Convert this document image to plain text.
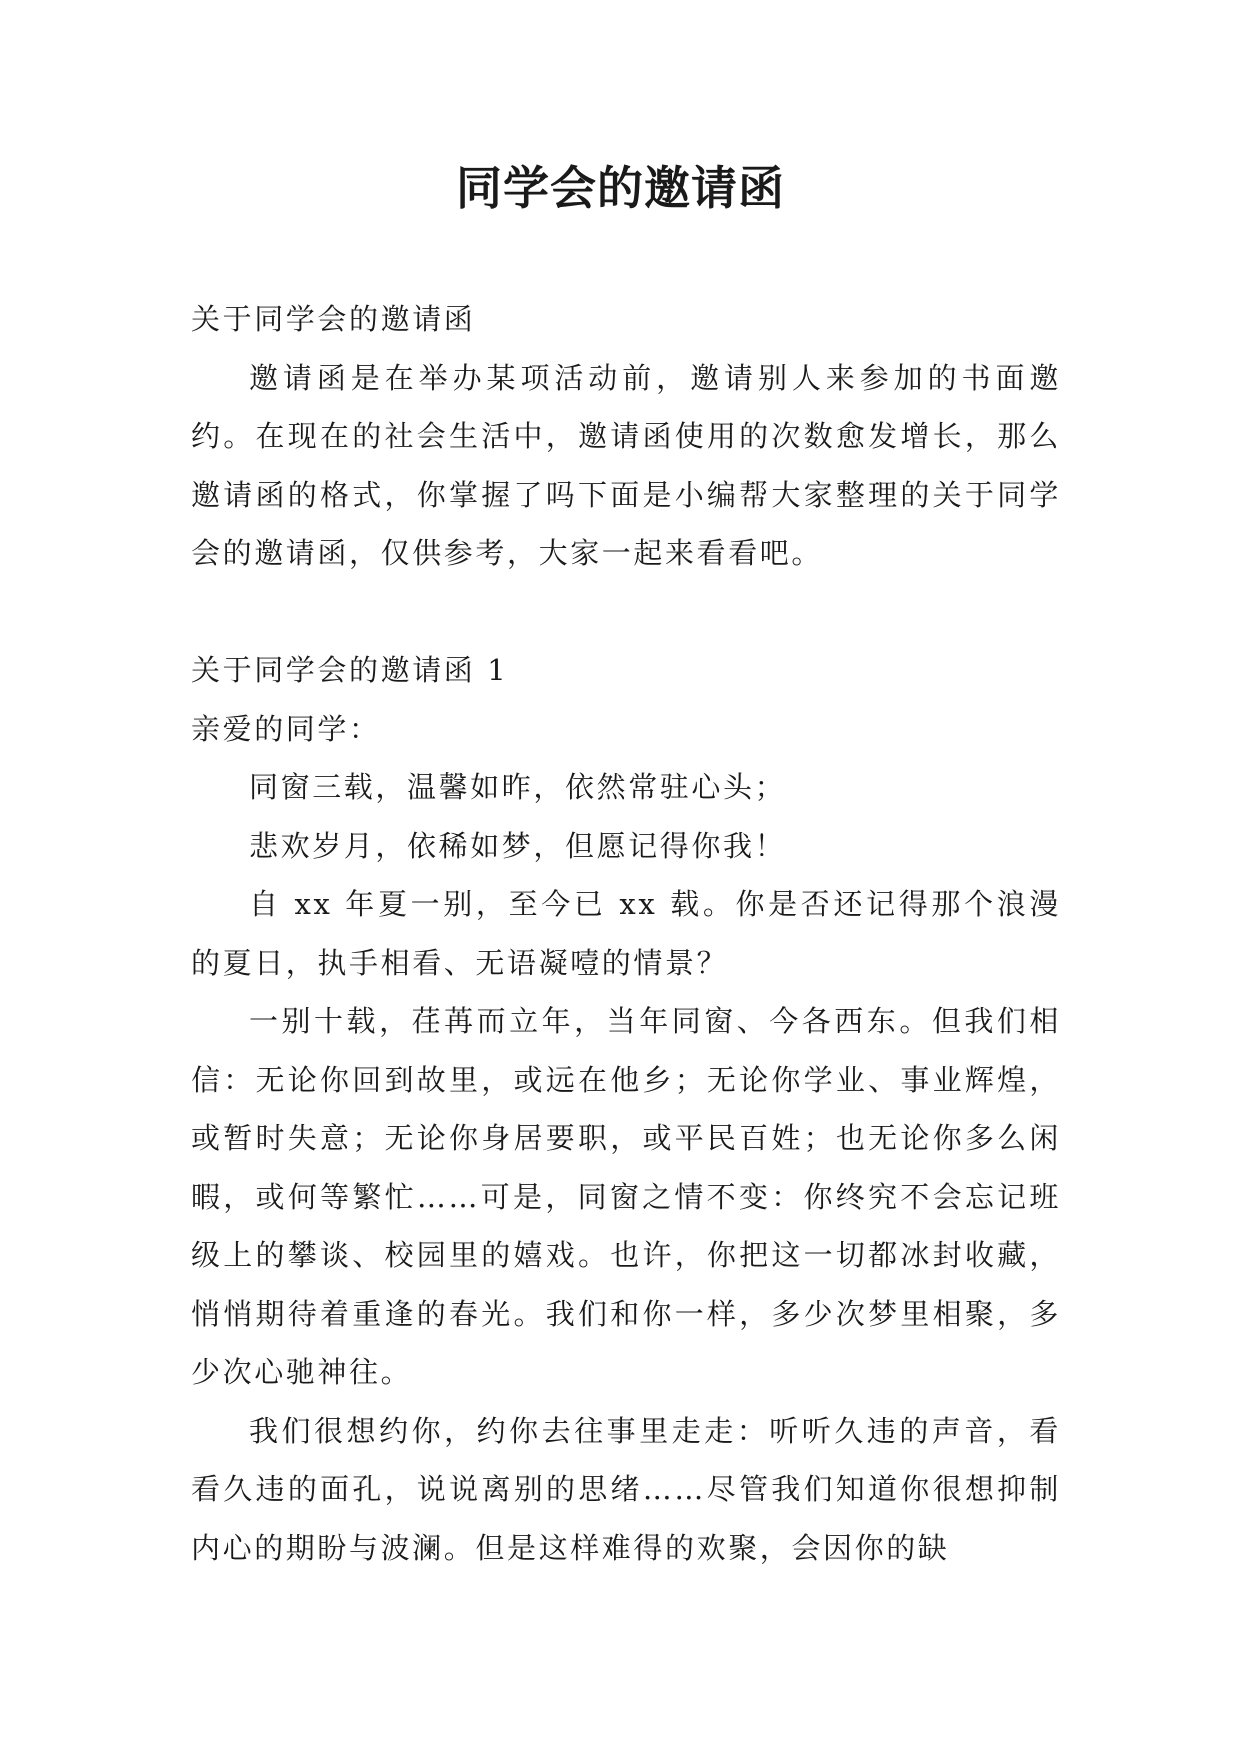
同学会的邀请函

关于同学会的邀请函

邀请函是在举办某项活动前，邀请别人来参加的书面邀约。在现在的社会生活中，邀请函使用的次数愈发增长，那么邀请函的格式，你掌握了吗下面是小编帮大家整理的关于同学会的邀请函，仅供参考，大家一起来看看吧。

关于同学会的邀请函 1

亲爱的同学：

同窗三载，温馨如昨，依然常驻心头；

悲欢岁月，依稀如梦，但愿记得你我！

自 xx 年夏一别，至今已 xx 载。你是否还记得那个浪漫的夏日，执手相看、无语凝噎的情景？

一别十载，荏苒而立年，当年同窗、今各西东。但我们相信：无论你回到故里，或远在他乡；无论你学业、事业辉煌，或暂时失意；无论你身居要职，或平民百姓；也无论你多么闲暇，或何等繁忙……可是，同窗之情不变：你终究不会忘记班级上的攀谈、校园里的嬉戏。也许，你把这一切都冰封收藏，悄悄期待着重逢的春光。我们和你一样，多少次梦里相聚，多少次心驰神往。

我们很想约你，约你去往事里走走：听听久违的声音，看看久违的面孔，说说离别的思绪……尽管我们知道你很想抑制内心的期盼与波澜。但是这样难得的欢聚，会因你的缺
